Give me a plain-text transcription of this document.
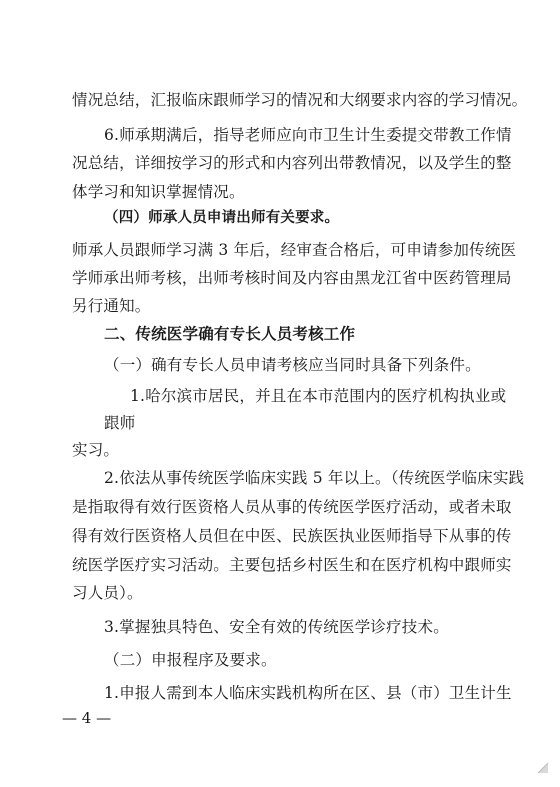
情况总结，汇报临床跟师学习的情况和大纲要求内容的学习情况。
6.师承期满后，指导老师应向市卫生计生委提交带教工作情
况总结，详细按学习的形式和内容列出带教情况，以及学生的整
体学习和知识掌握情况。
（四）师承人员申请出师有关要求。
师承人员跟师学习满 3 年后，经审查合格后，可申请参加传统医
学师承出师考核，出师考核时间及内容由黑龙江省中医药管理局
另行通知。
二、传统医学确有专长人员考核工作
（一）确有专长人员申请考核应当同时具备下列条件。
1.哈尔滨市居民，并且在本市范围内的医疗机构执业或
跟师
实习。
2.依法从事传统医学临床实践 5 年以上。（传统医学临床实践
是指取得有效行医资格人员从事的传统医学医疗活动，或者未取
得有效行医资格人员但在中医、民族医执业医师指导下从事的传
统医学医疗实习活动。主要包括乡村医生和在医疗机构中跟师实
习人员）。
3.掌握独具特色、安全有效的传统医学诊疗技术。
（二）申报程序及要求。
1.申报人需到本人临床实践机构所在区、县（市）卫生计生
— 4 —
